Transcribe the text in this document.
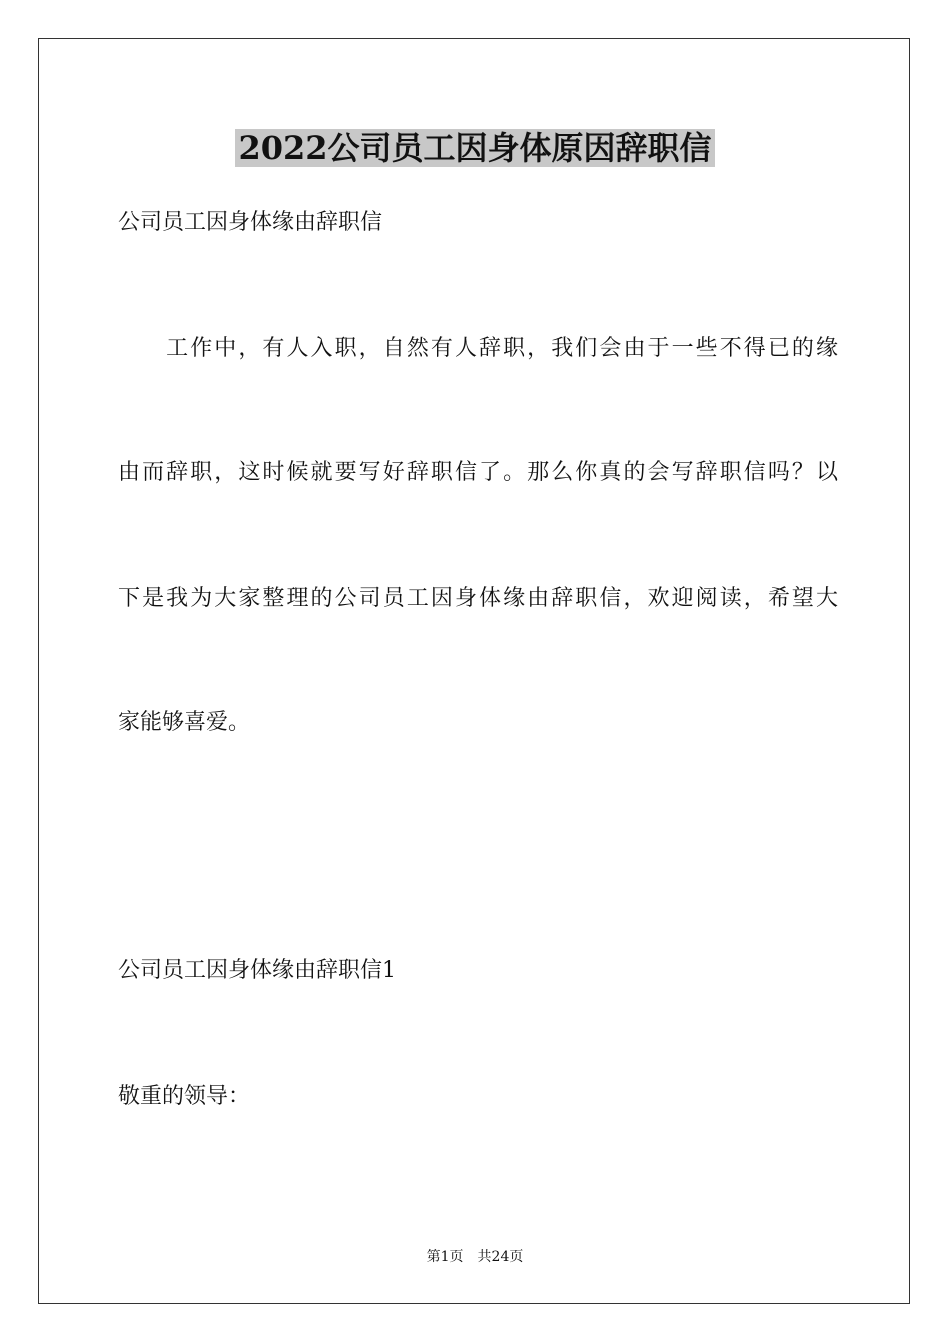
2022公司员工因身体原因辞职信

公司员工因身体缘由辞职信

　　工作中，有人入职，自然有人辞职，我们会由于一些不得已的缘

由而辞职，这时候就要写好辞职信了。那么你真的会写辞职信吗？以

下是我为大家整理的公司员工因身体缘由辞职信，欢迎阅读，希望大

家能够喜爱。

公司员工因身体缘由辞职信1

敬重的领导：

第1页　共24页
